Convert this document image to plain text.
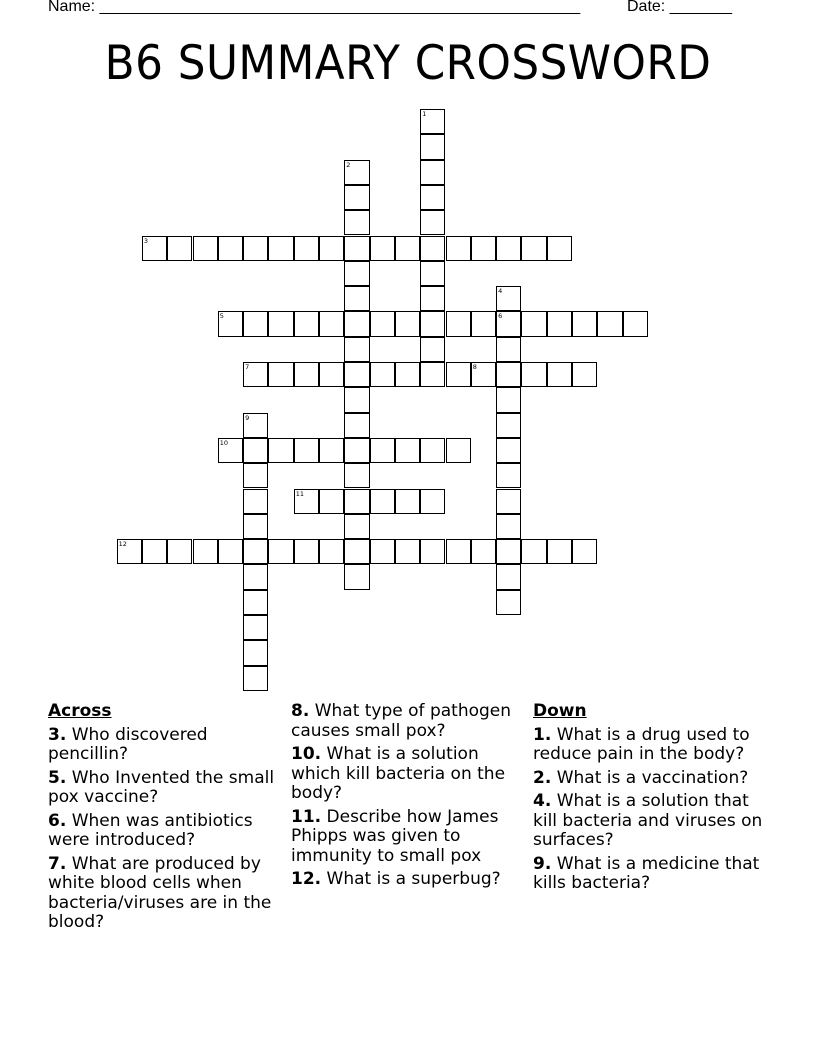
Name: ______________________________________________________	Date: _______
B6 SUMMARY CROSSWORD
1
2
3
4
6
5
7	8
9
10
11
12
Across
3. Who discovered pencillin?
5. Who Invented the small pox vaccine?
6. When was antibiotics were introduced?
7. What are produced by white blood cells when bacteria/viruses are in the blood?
8. What type of pathogen causes small pox?
10. What is a solution which kill bacteria on the body?
11. Describe how James Phipps was given to immunity to small pox
12. What is a superbug?
Down
1. What is a drug used to reduce pain in the body?
2. What is a vaccination?
4. What is a solution that kill bacteria and viruses on surfaces?
9. What is a medicine that kills bacteria?
